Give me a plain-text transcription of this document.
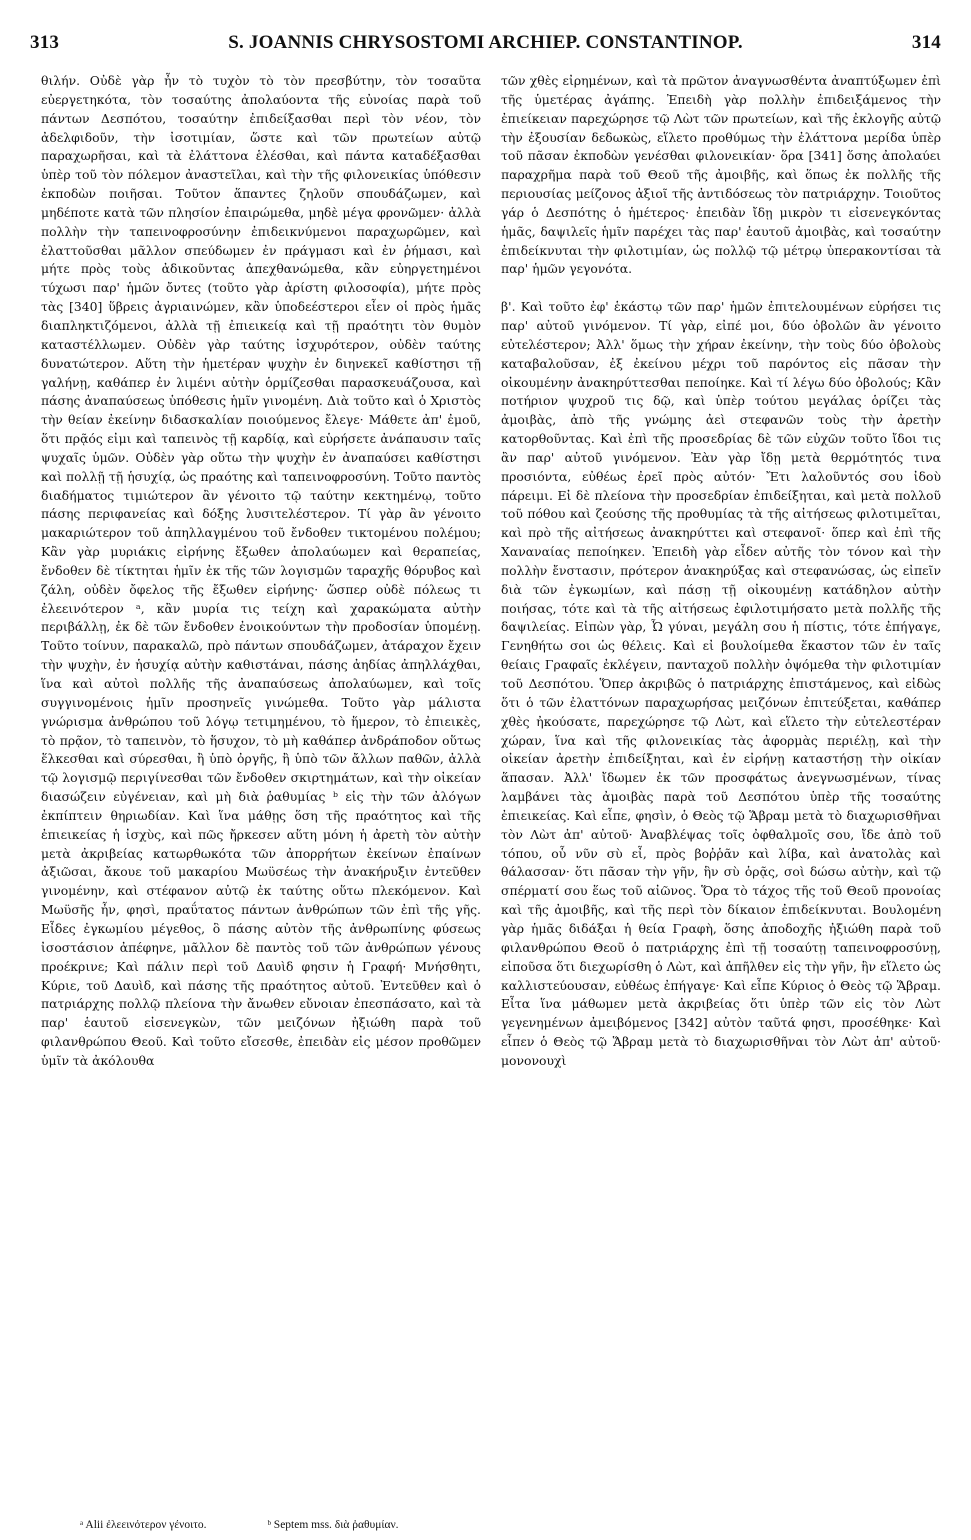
313	S. JOANNIS CHRYSOSTOMI ARCHIEP. CONSTANTINOP.	314

θιλήν. Οὐδὲ γὰρ ἦν τὸ τυχὸν τὸ τὸν πρεσβύτην, τὸν τοσαῦτα εὐεργετηκότα, τὸν τοσαύτης ἀπολαύοντα τῆς εὐνοίας παρὰ τοῦ πάντων Δεσπότου, τοσαύτην ἐπιδείξασθαι περὶ τὸν νέον, τὸν ἀδελφιδοῦν, τὴν ἰσοτιμίαν, ὥστε καὶ τῶν πρωτείων αὐτῷ παραχωρῆσαι, καὶ τὰ ἐλάττονα ἑλέσθαι, καὶ πάντα καταδέξασθαι ὑπὲρ τοῦ τὸν πόλεμον ἀναστεῖλαι, καὶ τὴν τῆς φιλονεικίας ὑπόθεσιν ἐκποδὼν ποιῆσαι. Τοῦτον ἅπαντες ζηλοῦν σπουδάζωμεν, καὶ μηδέποτε κατὰ τῶν πλησίον ἐπαιρώμεθα, μηδὲ μέγα φρονῶμεν· ἀλλὰ πολλὴν τὴν ταπεινοφροσύνην ἐπιδεικνύμενοι παραχωρῶμεν, καὶ ἐλαττοῦσθαι μᾶλλον σπεύδωμεν ἐν πράγμασι καὶ ἐν ῥήμασι, καὶ μήτε πρὸς τοὺς ἀδικοῦντας ἀπεχθανώμεθα, κἂν εὐηργετημένοι τύχωσι παρ' ἡμῶν ὄντες (τοῦτο γὰρ ἀρίστη φιλοσοφία), μήτε πρὸς τὰς [340] ὕβρεις ἀγριαινώμεν, κἂν ὑποδεέστεροι εἶεν οἱ πρὸς ἡμᾶς διαπληκτιζόμενοι, ἀλλὰ τῇ ἐπιεικείᾳ καὶ τῇ πραότητι τὸν θυμὸν καταστέλλωμεν. Οὐδὲν γὰρ ταύτης ἰσχυρότερον, οὐδὲν ταύτης δυνατώτερον. Αὕτη τὴν ἡμετέραν ψυχὴν ἐν διηνεκεῖ καθίστησι τῇ γαλήνῃ, καθάπερ ἐν λιμένι αὐτὴν ὁρμίζεσθαι παρασκευάζουσα, καὶ πάσης ἀναπαύσεως ὑπόθεσις ἡμῖν γινομένη. Διὰ τοῦτο καὶ ὁ Χριστὸς τὴν θείαν ἐκείνην διδασκαλίαν ποιούμενος ἔλεγε· Μάθετε ἀπ' ἐμοῦ, ὅτι πρᾷός εἰμι καὶ ταπεινὸς τῇ καρδίᾳ, καὶ εὑρήσετε ἀνάπαυσιν ταῖς ψυχαῖς ὑμῶν. Οὐδὲν γὰρ οὕτω τὴν ψυχὴν ἐν ἀναπαύσει καθίστησι καὶ πολλῇ τῇ ἡσυχίᾳ, ὡς πραότης καὶ ταπεινοφροσύνη. Τοῦτο παντὸς διαδήματος τιμιώτερον ἂν γένοιτο τῷ ταύτην κεκτημένῳ, τοῦτο πάσης περιφανείας καὶ δόξης λυσιτελέστερον. Τί γὰρ ἂν γένοιτο μακαριώτερον τοῦ ἀπηλλαγμένου τοῦ ἔνδοθεν τικτομένου πολέμου; Κἂν γὰρ μυριάκις εἰρήνης ἔξωθεν ἀπολαύωμεν καὶ θεραπείας, ἔνδοθεν δὲ τίκτηται ἡμῖν ἐκ τῆς τῶν λογισμῶν ταραχῆς θόρυβος καὶ ζάλη, οὐδὲν ὄφελος τῆς ἔξωθεν εἰρήνης· ὥσπερ οὐδὲ πόλεως τι ἐλεεινότερον ᵃ, κἂν μυρία τις τείχη καὶ χαρακώματα αὐτὴν περιβάλλῃ, ἐκ δὲ τῶν ἔνδοθεν ἐνοικούντων τὴν προδοσίαν ὑπομένῃ. Τοῦτο τοίνυν, παρακαλῶ, πρὸ πάντων σπουδάζωμεν, ἀτάραχον ἔχειν τὴν ψυχὴν, ἐν ἡσυχίᾳ αὐτὴν καθιστάναι, πάσης ἀηδίας ἀπηλλάχθαι, ἵνα καὶ αὐτοὶ πολλῆς τῆς ἀναπαύσεως ἀπολαύωμεν, καὶ τοῖς συγγινομένοις ἡμῖν προσηνεῖς γινώμεθα. Τοῦτο γὰρ μάλιστα γνώρισμα ἀνθρώπου τοῦ λόγῳ τετιμημένου, τὸ ἥμερον, τὸ ἐπιεικὲς, τὸ πρᾷον, τὸ ταπεινὸν, τὸ ἥσυχον, τὸ μὴ καθάπερ ἀνδράποδον οὕτως ἕλκεσθαι καὶ σύρεσθαι, ἢ ὑπὸ ὀργῆς, ἢ ὑπὸ τῶν ἄλλων παθῶν, ἀλλὰ τῷ λογισμῷ περιγίνεσθαι τῶν ἔνδοθεν σκιρτημάτων, καὶ τὴν οἰκείαν διασώζειν εὐγένειαν, καὶ μὴ διὰ ῥαθυμίας ᵇ εἰς τὴν τῶν ἀλόγων ἐκπίπτειν θηριωδίαν. Καὶ ἵνα μάθῃς ὅση τῆς πραότητος καὶ τῆς ἐπιεικείας ἡ ἰσχὺς, καὶ πῶς ἤρκεσεν αὕτη μόνη ἡ ἀρετὴ τὸν αὐτὴν μετὰ ἀκριβείας κατωρθωκότα τῶν ἀπορρήτων ἐκείνων ἐπαίνων ἀξιῶσαι, ἄκουε τοῦ μακαρίου Μωϋσέως τὴν ἀνακήρυξιν ἐντεῦθεν γινομένην, καὶ στέφανον αὐτῷ ἐκ ταύτης οὕτω πλεκόμενον. Καὶ Μωϋσῆς ἦν, φησὶ, πραΰτατος πάντων ἀνθρώπων τῶν ἐπὶ τῆς γῆς. Εἶδες ἐγκωμίου μέγεθος, ὃ πάσης αὐτὸν τῆς ἀνθρωπίνης φύσεως ἰσοστάσιον ἀπέφηνε, μᾶλλον δὲ παντὸς τοῦ τῶν ἀνθρώπων γένους προέκρινε; Καὶ πάλιν περὶ τοῦ Δαυὶδ φησιν ἡ Γραφή· Μνήσθητι, Κύριε, τοῦ Δαυὶδ, καὶ πάσης τῆς πραότητος αὐτοῦ. Ἐντεῦθεν καὶ ὁ πατριάρχης πολλῷ πλείονα τὴν ἄνωθεν εὔνοιαν ἐπεσπάσατο, καὶ τὰ παρ' ἑαυτοῦ εἰσενεγκὼν, τῶν μειζόνων ἠξιώθη παρὰ τοῦ φιλανθρώπου Θεοῦ. Καὶ τοῦτο εἴσεσθε, ἐπειδὰν εἰς μέσον προθῶμεν ὑμῖν τὰ ἀκόλουθα

τῶν χθὲς εἰρημένων, καὶ τὰ πρῶτον ἀναγνωσθέντα ἀναπτύξωμεν ἐπὶ τῆς ὑμετέρας ἀγάπης. Ἐπειδὴ γὰρ πολλὴν ἐπιδειξάμενος τὴν ἐπιείκειαν παρεχώρησε τῷ Λὼτ τῶν πρωτείων, καὶ τῆς ἐκλογῆς αὐτῷ τὴν ἐξουσίαν δεδωκὼς, εἵλετο προθύμως τὴν ἐλάττονα μερίδα ὑπὲρ τοῦ πᾶσαν ἐκποδὼν γενέσθαι φιλονεικίαν· ὅρα [341] ὅσης ἀπολαύει παραχρῆμα παρὰ τοῦ Θεοῦ τῆς ἀμοιβῆς, καὶ ὅπως ἐκ πολλῆς τῆς περιουσίας μείζονος ἀξιοῖ τῆς ἀντιδόσεως τὸν πατριάρχην. Τοιοῦτος γάρ ὁ Δεσπότης ὁ ἡμέτερος· ἐπειδὰν ἴδῃ μικρὸν τι εἰσενεγκόντας ἡμᾶς, δαψιλεῖς ἡμῖν παρέχει τὰς παρ' ἑαυτοῦ ἀμοιβὰς, καὶ τοσαύτην ἐπιδείκνυται τὴν φιλοτιμίαν, ὡς πολλῷ τῷ μέτρῳ ὑπερακοντίσαι τὰ παρ' ἡμῶν γεγονότα.

β'. Καὶ τοῦτο ἐφ' ἑκάστῳ τῶν παρ' ἡμῶν ἐπιτελουμένων εὑρήσει τις παρ' αὐτοῦ γινόμενον. Τί γὰρ, εἰπέ μοι, δύο ὀβολῶν ἂν γένοιτο εὐτελέστερον; Ἀλλ' ὅμως τὴν χήραν ἐκείνην, τὴν τοὺς δύο ὀβολοὺς καταβαλοῦσαν, ἐξ ἐκείνου μέχρι τοῦ παρόντος εἰς πᾶσαν τὴν οἰκουμένην ἀνακηρύττεσθαι πεποίηκε. Καὶ τί λέγω δύο ὀβολούς; Κἂν ποτήριον ψυχροῦ τις δῷ, καὶ ὑπὲρ τούτου μεγάλας ὁρίζει τὰς ἀμοιβὰς, ἀπὸ τῆς γνώμης ἀεὶ στεφανῶν τοὺς τὴν ἀρετὴν κατορθοῦντας. Καὶ ἐπὶ τῆς προσεδρίας δὲ τῶν εὐχῶν τοῦτο ἴδοι τις ἂν παρ' αὐτοῦ γινόμενον. Ἐὰν γὰρ ἴδῃ μετὰ θερμότητός τινα προσιόντα, εὐθέως ἐρεῖ πρὸς αὐτόν· Ἔτι λαλοῦντός σου ἰδοὺ πάρειμι. Εἰ δὲ πλείονα τὴν προσεδρίαν ἐπιδείξηται, καὶ μετὰ πολλοῦ τοῦ πόθου καὶ ζεούσης τῆς προθυμίας τὰ τῆς αἰτήσεως φιλοτιμεῖται, καὶ πρὸ τῆς αἰτήσεως ἀνακηρύττει καὶ στεφανοῖ· ὅπερ καὶ ἐπὶ τῆς Χαναναίας πεποίηκεν. Ἐπειδὴ γὰρ εἶδεν αὐτῆς τὸν τόνον καὶ τὴν πολλὴν ἔνστασιν, πρότερον ἀνακηρύξας καὶ στεφανώσας, ὡς εἰπεῖν διὰ τῶν ἐγκωμίων, καὶ πάσῃ τῇ οἰκουμένῃ κατάδηλον αὐτὴν ποιήσας, τότε καὶ τὰ τῆς αἰτήσεως ἐφιλοτιμήσατο μετὰ πολλῆς τῆς δαψιλείας. Εἰπὼν γὰρ, Ὦ γύναι, μεγάλη σου ἡ πίστις, τότε ἐπήγαγε, Γενηθήτω σοι ὡς θέλεις. Καὶ εἰ βουλοίμεθα ἕκαστον τῶν ἐν ταῖς θείαις Γραφαῖς ἐκλέγειν, πανταχοῦ πολλὴν ὀψόμεθα τὴν φιλοτιμίαν τοῦ Δεσπότου. Ὅπερ ἀκριβῶς ὁ πατριάρχης ἐπιστάμενος, καὶ εἰδὼς ὅτι ὁ τῶν ἐλαττόνων παραχωρήσας μειζόνων ἐπιτεύξεται, καθάπερ χθὲς ἠκούσατε, παρεχώρησε τῷ Λὼτ, καὶ εἵλετο τὴν εὐτελεστέραν χώραν, ἵνα καὶ τῆς φιλονεικίας τὰς ἀφορμὰς περιέλῃ, καὶ τὴν οἰκείαν ἀρετὴν ἐπιδείξηται, καὶ ἐν εἰρήνῃ καταστήσῃ τὴν οἰκίαν ἅπασαν. Ἀλλ' ἴδωμεν ἐκ τῶν προσφάτως ἀνεγνωσμένων, τίνας λαμβάνει τὰς ἀμοιβὰς παρὰ τοῦ Δεσπότου ὑπὲρ τῆς τοσαύτης ἐπιεικείας. Καὶ εἶπε, φησὶν, ὁ Θεὸς τῷ Ἅβραμ μετὰ τὸ διαχωρισθῆναι τὸν Λὼτ ἀπ' αὐτοῦ· Ἀναβλέψας τοῖς ὀφθαλμοῖς σου, ἴδε ἀπὸ τοῦ τόπου, οὗ νῦν σὺ εἶ, πρὸς βοῤῥᾶν καὶ λίβα, καὶ ἀνατολὰς καὶ θάλασσαν· ὅτι πᾶσαν τὴν γῆν, ἣν σὺ ὁρᾷς, σοὶ δώσω αὐτὴν, καὶ τῷ σπέρματί σου ἕως τοῦ αἰῶνος. Ὅρα τὸ τάχος τῆς τοῦ Θεοῦ προνοίας καὶ τῆς ἀμοιβῆς, καὶ τῆς περὶ τὸν δίκαιον ἐπιδείκνυται. Βουλομένη γὰρ ἡμᾶς διδάξαι ἡ θεία Γραφὴ, ὅσης ἀποδοχῆς ἠξιώθη παρὰ τοῦ φιλανθρώπου Θεοῦ ὁ πατριάρχης ἐπὶ τῇ τοσαύτῃ ταπεινοφροσύνῃ, εἰποῦσα ὅτι διεχωρίσθη ὁ Λὼτ, καὶ ἀπῆλθεν εἰς τὴν γῆν, ἣν εἵλετο ὡς καλλιστεύουσαν, εὐθέως ἐπήγαγε· Καὶ εἶπε Κύριος ὁ Θεὸς τῷ Ἅβραμ. Εἶτα ἵνα μάθωμεν μετὰ ἀκριβείας ὅτι ὑπὲρ τῶν εἰς τὸν Λὼτ γεγενημένων ἀμειβόμενος [342] αὐτὸν ταῦτά φησι, προσέθηκε· Καὶ εἶπεν ὁ Θεὸς τῷ Ἅβραμ μετὰ τὸ διαχωρισθῆναι τὸν Λὼτ ἀπ' αὐτοῦ· μονονουχὶ

ᵃ Alii ἐλεεινότερον γένοιτο.	ᵇ Septem mss. διὰ ῥαθυμίαν.
